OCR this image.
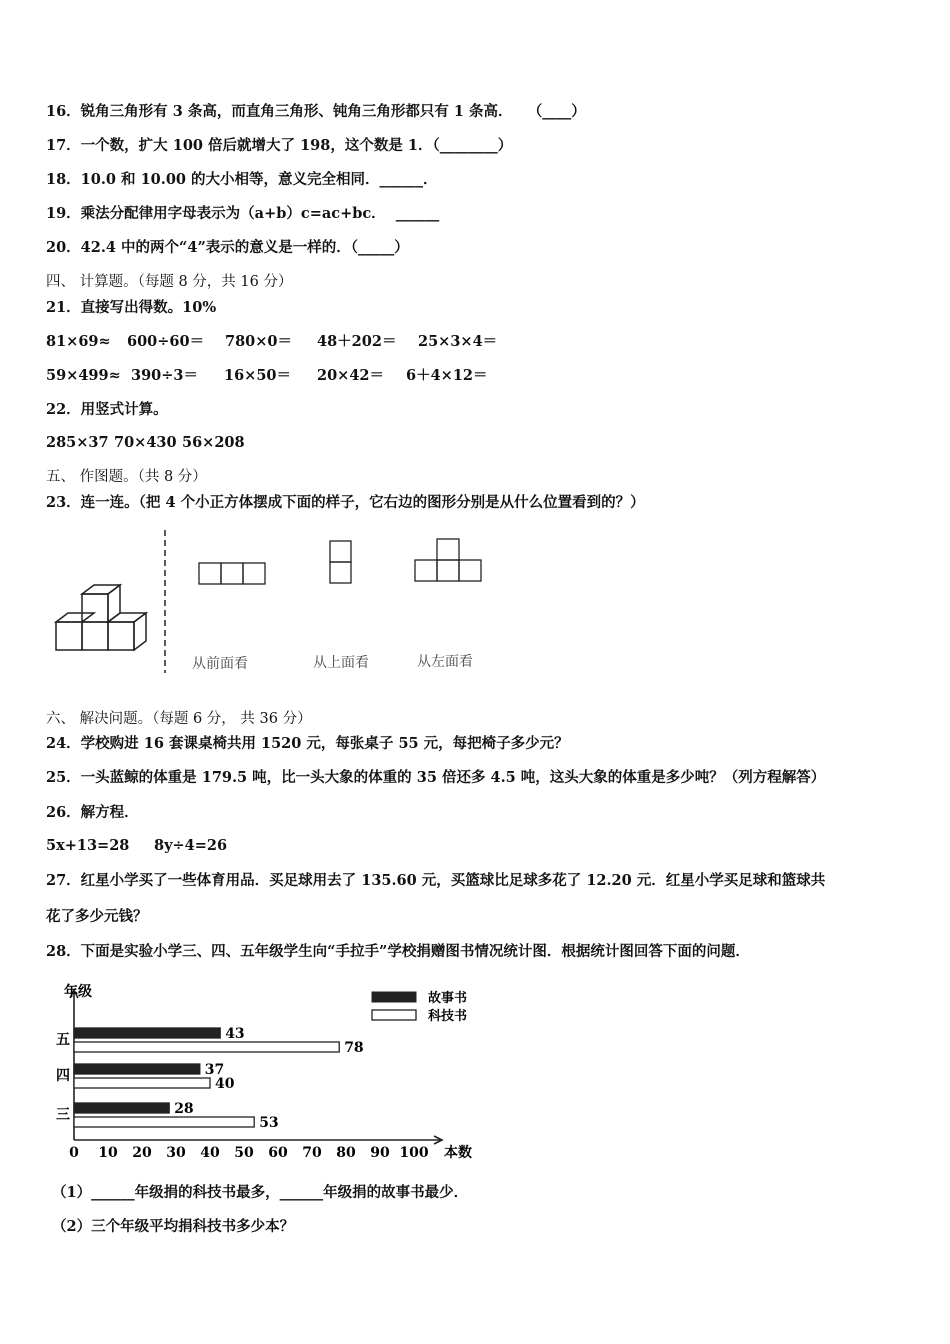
16．锐角三角形有 3 条高，而直角三角形、钝角三角形都只有 1 条高．   （____）
17．一个数，扩大 100 倍后就增大了 198，这个数是 1．（________）
18．10.0 和 10.00 的大小相等，意义完全相同．______．
19．乘法分配律用字母表示为（a+b）c=ac+bc．  ______
20．42.4 中的两个“4”表示的意义是一样的．（_____）
四、 计算题。（每题 8 分，共 16 分）
21．直接写出得数。10%
81×69≈ 600÷60＝ 780×0＝ 48＋202＝ 25×3×4＝
59×499≈ 390÷3＝ 16×50＝ 20×42＝ 6＋4×12＝
22．用竖式计算。
285×37 70×430 56×208
五、 作图题。（共 8 分）
23．连一连。（把 4 个小正方体摆成下面的样子，它右边的图形分别是从什么位置看到的？）
从前面看	从上面看	从左面看
六、 解决问题。（每题 6 分， 共 36 分）
24．学校购进 16 套课桌椅共用 1520 元，每张桌子 55 元，每把椅子多少元？
25．一头蓝鲸的体重是 179.5 吨，比一头大象的体重的 35 倍还多 4.5 吨，这头大象的体重是多少吨？（列方程解答）
26．解方程．
5x+13=28 8y÷4=26
27．红星小学买了一些体育用品．买足球用去了 135.60 元，买篮球比足球多花了 12.20 元．红星小学买足球和篮球共
花了多少元钱？
28．下面是实验小学三、四、五年级学生向“手拉手”学校捐赠图书情况统计图．根据统计图回答下面的问题．
年级
本数
五
四
三
43
78
37
40
28
53
0 10 20 30 40 50 60 70 80 90 100
故事书
科技书
（1）______年级捐的科技书最多，______年级捐的故事书最少．
（2）三个年级平均捐科技书多少本？
